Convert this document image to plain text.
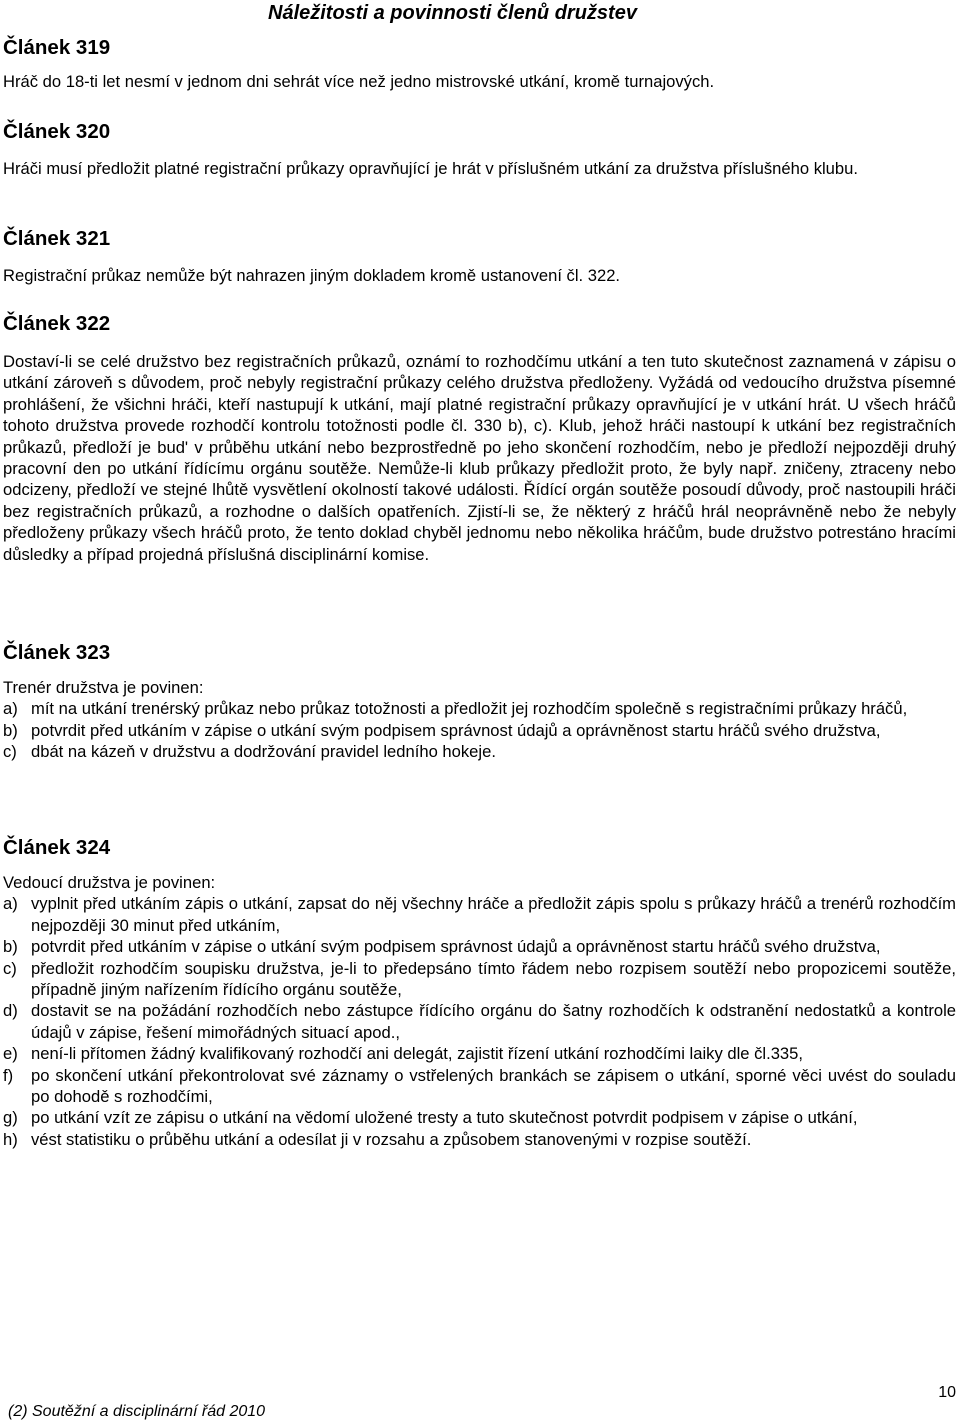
Náležitosti a povinnosti členů družstev
Článek 319

Hráč do 18-ti let nesmí v jednom dni sehrát více než jedno mistrovské utkání, kromě turnajových.

Článek 320

Hráči musí předložit platné registrační průkazy opravňující je hrát v příslušném utkání za družstva příslušného klubu.

Článek 321

Registrační průkaz nemůže být nahrazen jiným dokladem kromě ustanovení čl. 322.

Článek 322

Dostaví-li se celé družstvo bez registračních průkazů, oznámí to rozhodčímu utkání a ten tuto skutečnost zaznamená v zápisu o utkání zároveň s důvodem, proč nebyly registrační průkazy celého družstva předloženy. Vyžádá od vedoucího družstva písemné prohlášení, že všichni hráči, kteří nastupují k utkání, mají platné registrační průkazy opravňující je v utkání hrát. U všech hráčů tohoto družstva provede rozhodčí kontrolu totožnosti podle čl. 330 b), c). Klub, jehož hráči nastoupí k utkání bez registračních průkazů, předloží je bud' v průběhu utkání nebo bezprostředně po jeho skončení rozhodčím, nebo je předloží nejpozději druhý pracovní den po utkání řídícímu orgánu soutěže. Nemůže-li klub průkazy předložit proto, že byly např. zničeny, ztraceny nebo odcizeny, předloží ve stejné lhůtě vysvětlení okolností takové události. Řídící orgán soutěže posoudí důvody, proč nastoupili hráči bez registračních průkazů, a rozhodne o dalších opatřeních. Zjistí-li se, že některý z hráčů hrál neoprávněně nebo že nebyly předloženy průkazy všech hráčů proto, že tento doklad chyběl jednomu nebo několika hráčům, bude družstvo potrestáno hracími důsledky a případ projedná příslušná disciplinární komise.

Článek 323

Trenér družstva je povinen:

a) mít na utkání trenérský průkaz nebo průkaz totožnosti a předložit jej rozhodčím společně s registračními průkazy hráčů,
b) potvrdit před utkáním v zápise o utkání svým podpisem správnost údajů a oprávněnost startu hráčů svého družstva,
c) dbát na kázeň v družstvu a dodržování pravidel ledního hokeje.
Článek 324

Vedoucí družstva je povinen:

a) vyplnit před utkáním zápis o utkání, zapsat do něj všechny hráče a předložit zápis spolu s průkazy hráčů a trenérů rozhodčím nejpozději 30 minut před utkáním,
b) potvrdit před utkáním v zápise o utkání svým podpisem správnost údajů a oprávněnost startu hráčů svého družstva,
c) předložit rozhodčím soupisku družstva, je-li to předepsáno tímto řádem nebo rozpisem soutěží nebo propozicemi soutěže, případně jiným nařízením řídícího orgánu soutěže,
d) dostavit se na požádání rozhodčích nebo zástupce řídícího orgánu do šatny rozhodčích k odstranění nedostatků a kontrole údajů v zápise, řešení mimořádných situací apod.,
e) není-li přítomen žádný kvalifikovaný rozhodčí ani delegát, zajistit řízení utkání rozhodčími laiky dle čl.335,
f) po skončení utkání překontrolovat své záznamy o vstřelených brankách se zápisem o utkání, sporné věci uvést do souladu po dohodě s rozhodčími,
g) po utkání vzít ze zápisu o utkání na vědomí uložené tresty a tuto skutečnost potvrdit podpisem v zápise o utkání,
h) vést statistiku o průběhu utkání a odesílat ji v rozsahu a způsobem stanovenými v rozpise soutěží.
(2) Soutěžní a disciplinární řád 2010
10
